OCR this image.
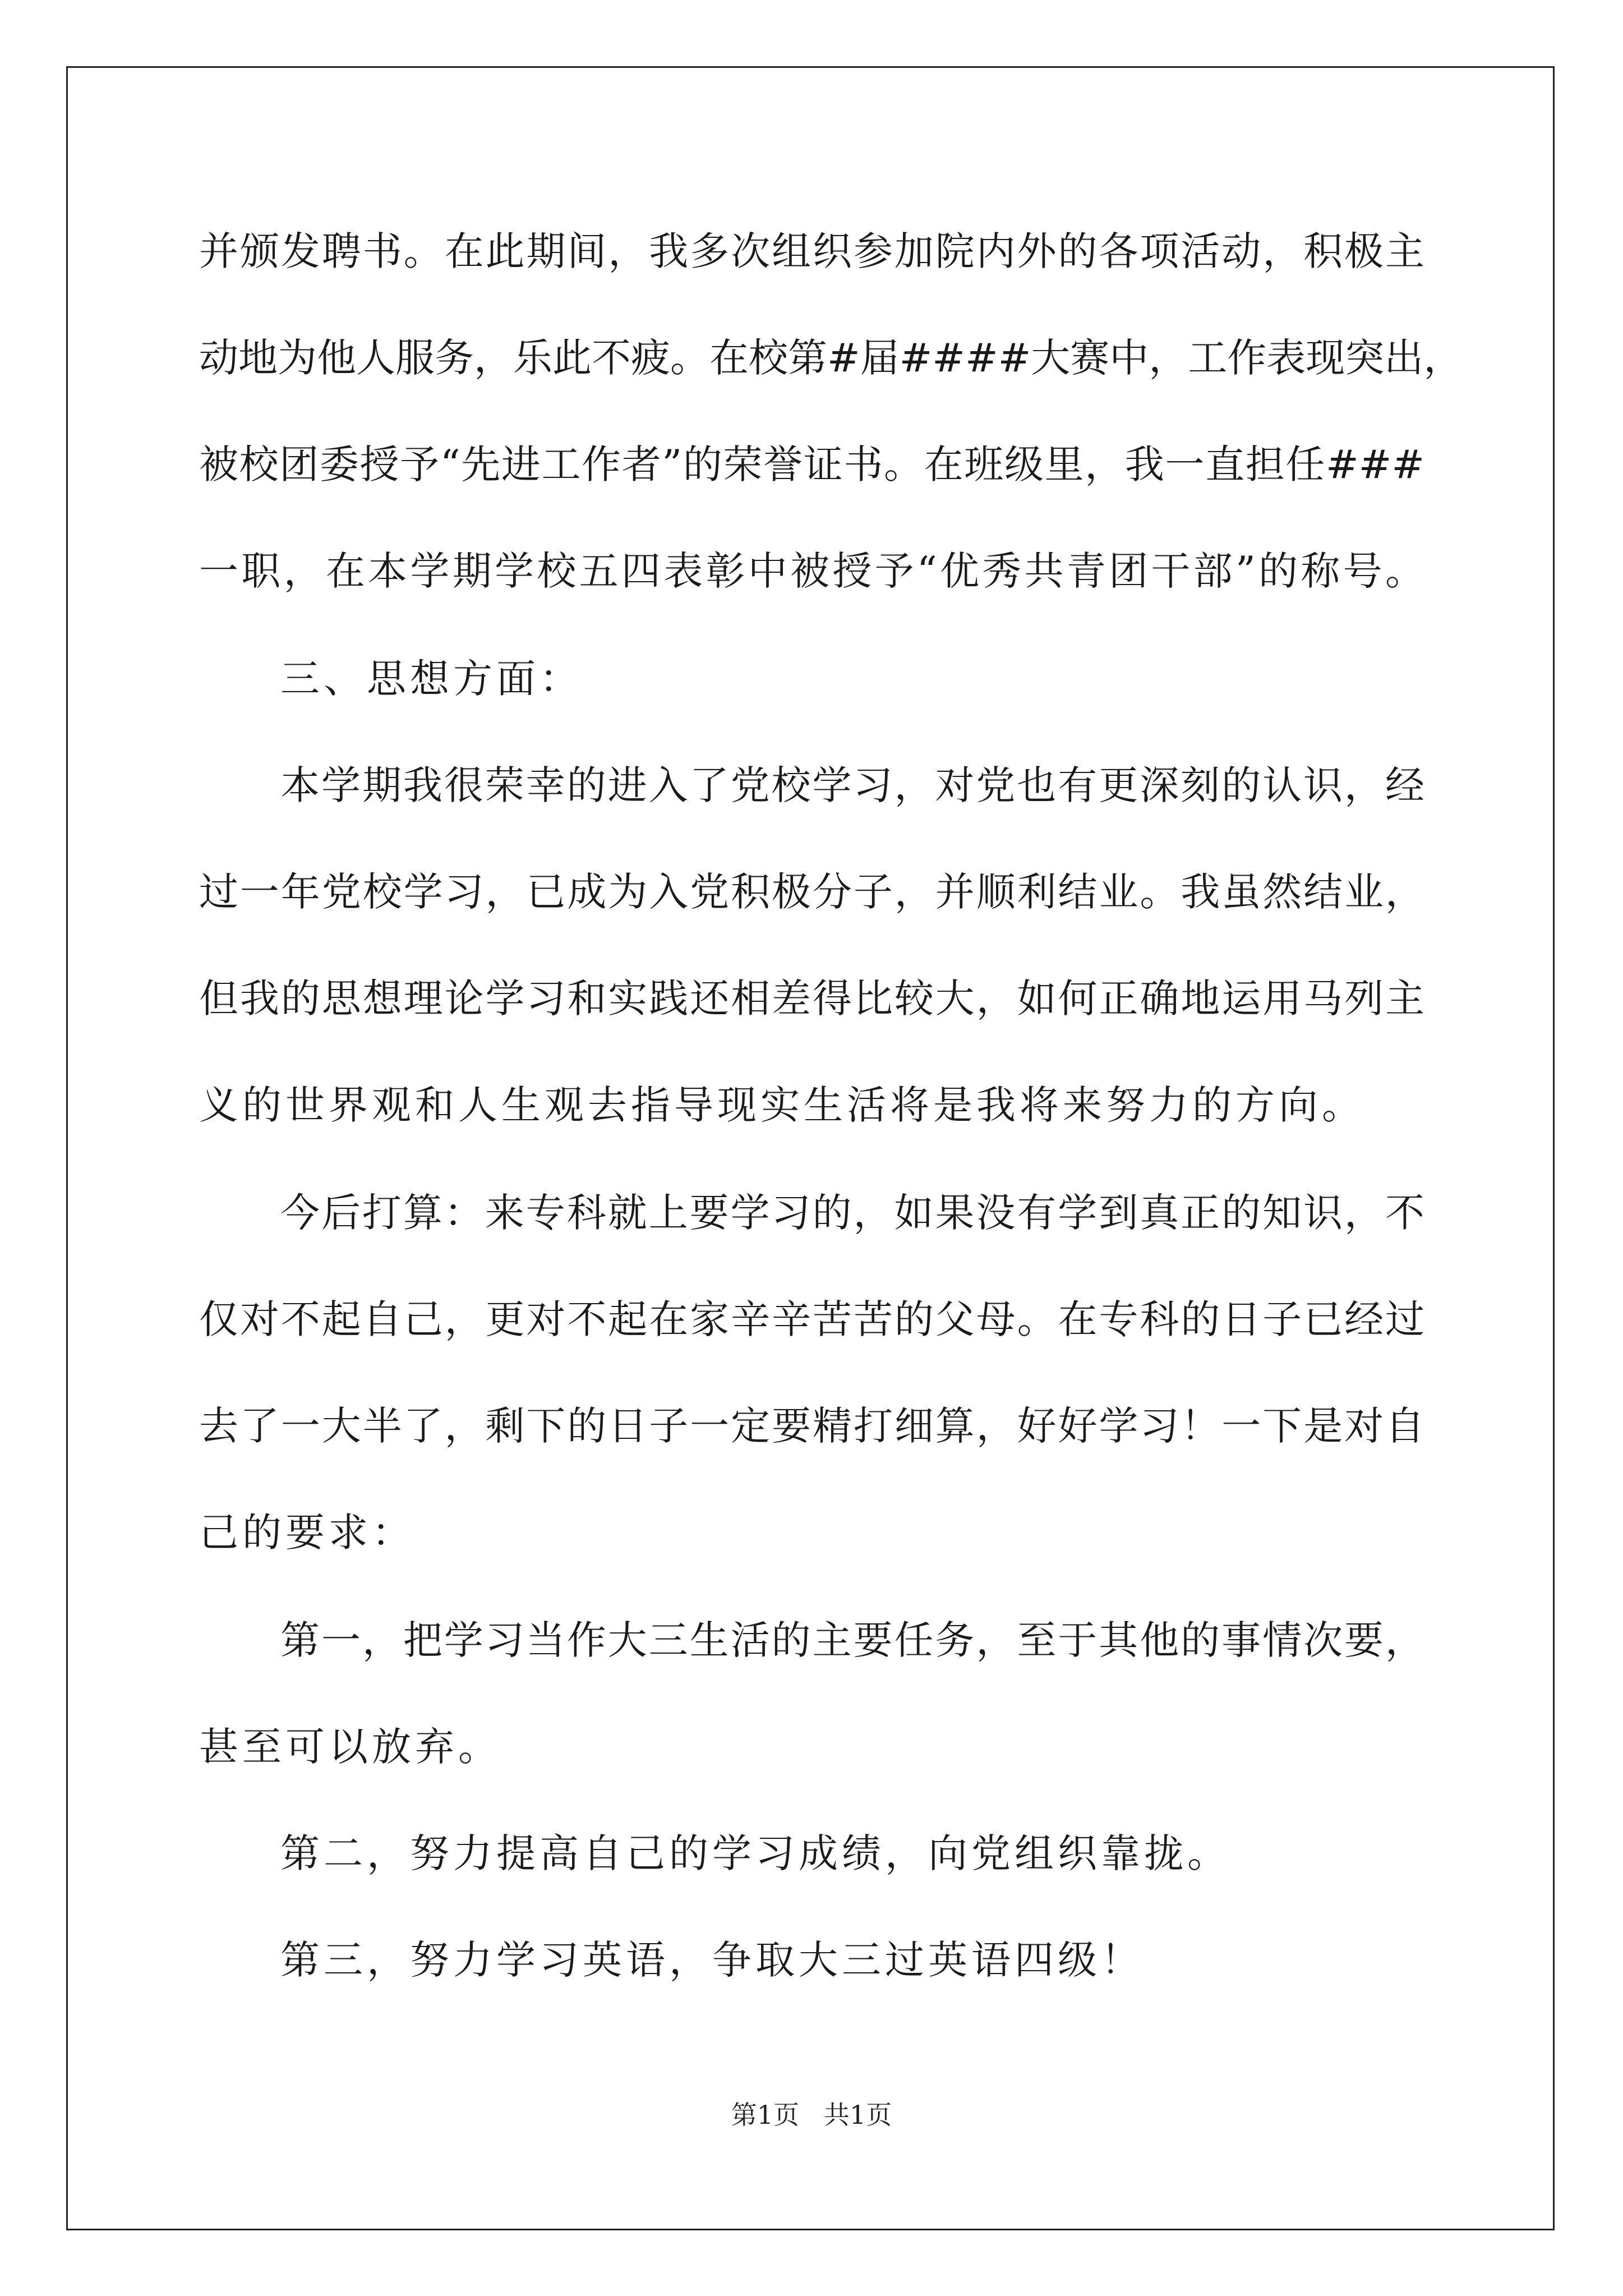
并颁发聘书。在此期间，我多次组织参加院内外的各项活动，积极主
动地为他人服务，乐此不疲。在校第#届####大赛中，工作表现突出，
被校团委授予“先进工作者”的荣誉证书。在班级里，我一直担任###
一职，在本学期学校五四表彰中被授予“优秀共青团干部”的称号。
三、思想方面：
本学期我很荣幸的进入了党校学习，对党也有更深刻的认识，经
过一年党校学习，已成为入党积极分子，并顺利结业。我虽然结业，
但我的思想理论学习和实践还相差得比较大，如何正确地运用马列主
义的世界观和人生观去指导现实生活将是我将来努力的方向。
今后打算：来专科就上要学习的，如果没有学到真正的知识，不
仅对不起自己，更对不起在家辛辛苦苦的父母。在专科的日子已经过
去了一大半了，剩下的日子一定要精打细算，好好学习！一下是对自
己的要求：
第一，把学习当作大三生活的主要任务，至于其他的事情次要，
甚至可以放弃。
第二，努力提高自己的学习成绩，向党组织靠拢。
第三，努力学习英语，争取大三过英语四级！
第1页   共1页
